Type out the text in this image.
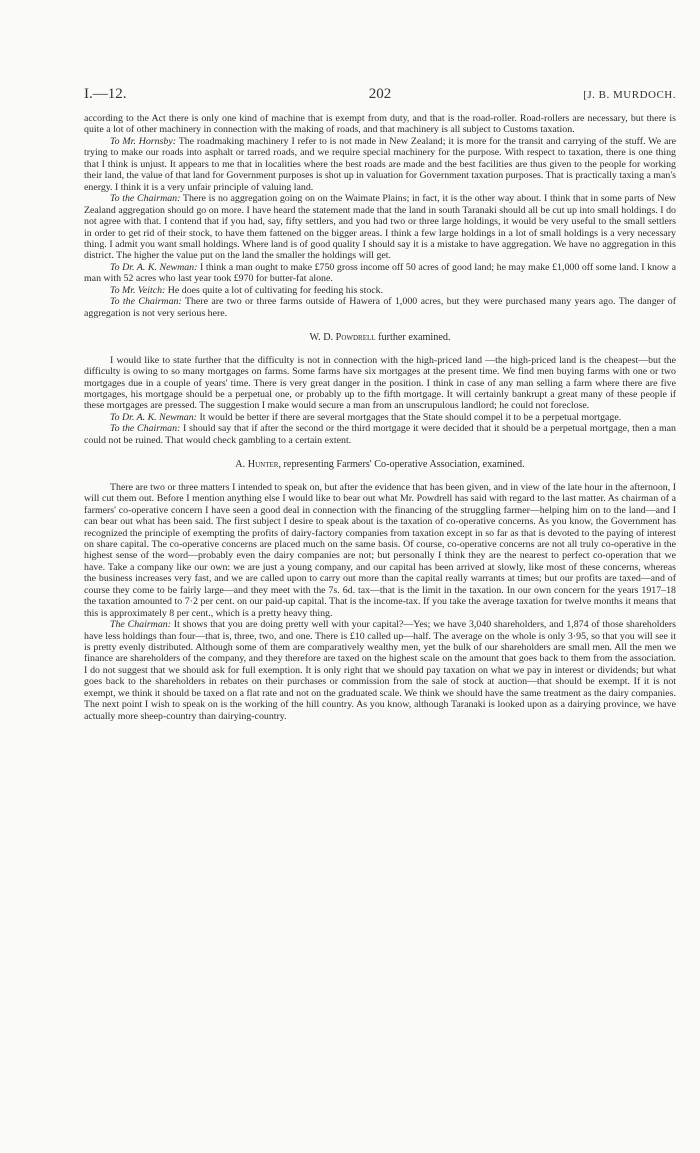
I.—12.	202	[J. B. MURDOCH.

according to the Act there is only one kind of machine that is exempt from duty, and that is the road-roller. Road-rollers are necessary, but there is quite a lot of other machinery in connection with the making of roads, and that machinery is all subject to Customs taxation.

To Mr. Hornsby: The roadmaking machinery I refer to is not made in New Zealand; it is more for the transit and carrying of the stuff. We are trying to make our roads into asphalt or tarred roads, and we require special machinery for the purpose. With respect to taxation, there is one thing that I think is unjust. It appears to me that in localities where the best roads are made and the best facilities are thus given to the people for working their land, the value of that land for Government purposes is shot up in valuation for Government taxation purposes. That is practically taxing a man's energy. I think it is a very unfair principle of valuing land.

To the Chairman: There is no aggregation going on on the Waimate Plains; in fact, it is the other way about. I think that in some parts of New Zealand aggregation should go on more. I have heard the statement made that the land in south Taranaki should all be cut up into small holdings. I do not agree with that. I contend that if you had, say, fifty settlers, and you had two or three large holdings, it would be very useful to the small settlers in order to get rid of their stock, to have them fattened on the bigger areas. I think a few large holdings in a lot of small holdings is a very necessary thing. I admit you want small holdings. Where land is of good quality I should say it is a mistake to have aggregation. We have no aggregation in this district. The higher the value put on the land the smaller the holdings will get.

To Dr. A. K. Newman: I think a man ought to make £750 gross income off 50 acres of good land; he may make £1,000 off some land. I know a man with 52 acres who last year took £970 for butter-fat alone.

To Mr. Veitch: He does quite a lot of cultivating for feeding his stock.

To the Chairman: There are two or three farms outside of Hawera of 1,000 acres, but they were purchased many years ago. The danger of aggregation is not very serious here.

W. D. Powdrell further examined.

I would like to state further that the difficulty is not in connection with the high-priced land —the high-priced land is the cheapest—but the difficulty is owing to so many mortgages on farms. Some farms have six mortgages at the present time. We find men buying farms with one or two mortgages due in a couple of years' time. There is very great danger in the position. I think in case of any man selling a farm where there are five mortgages, his mortgage should be a perpetual one, or probably up to the fifth mortgage. It will certainly bankrupt a great many of these people if these mortgages are pressed. The suggestion I make would secure a man from an unscrupulous landlord; he could not foreclose.

To Dr. A. K. Newman: It would be better if there are several mortgages that the State should compel it to be a perpetual mortgage.

To the Chairman: I should say that if after the second or the third mortgage it were decided that it should be a perpetual mortgage, then a man could not be ruined. That would check gambling to a certain extent.

A. Hunter, representing Farmers' Co-operative Association, examined.

There are two or three matters I intended to speak on, but after the evidence that has been given, and in view of the late hour in the afternoon, I will cut them out. Before I mention anything else I would like to bear out what Mr. Powdrell has said with regard to the last matter. As chairman of a farmers' co-operative concern I have seen a good deal in connection with the financing of the struggling farmer—helping him on to the land—and I can bear out what has been said. The first subject I desire to speak about is the taxation of co-operative concerns. As you know, the Government has recognized the principle of exempting the profits of dairy-factory companies from taxation except in so far as that is devoted to the paying of interest on share capital. The co-operative concerns are placed much on the same basis. Of course, co-operative concerns are not all truly co-operative in the highest sense of the word—probably even the dairy companies are not; but personally I think they are the nearest to perfect co-operation that we have. Take a company like our own: we are just a young company, and our capital has been arrived at slowly, like most of these concerns, whereas the business increases very fast, and we are called upon to carry out more than the capital really warrants at times; but our profits are taxed—and of course they come to be fairly large—and they meet with the 7s. 6d. tax—that is the limit in the taxation. In our own concern for the years 1917–18 the taxation amounted to 7·2 per cent. on our paid-up capital. That is the income-tax. If you take the average taxation for twelve months it means that this is approximately 8 per cent., which is a pretty heavy thing.

The Chairman: It shows that you are doing pretty well with your capital?—Yes; we have 3,040 shareholders, and 1,874 of those shareholders have less holdings than four—that is, three, two, and one. There is £10 called up—half. The average on the whole is only 3·95, so that you will see it is pretty evenly distributed. Although some of them are comparatively wealthy men, yet the bulk of our shareholders are small men. All the men we finance are shareholders of the company, and they therefore are taxed on the highest scale on the amount that goes back to them from the association. I do not suggest that we should ask for full exemption. It is only right that we should pay taxation on what we pay in interest or dividends; but what goes back to the shareholders in rebates on their purchases or commission from the sale of stock at auction—that should be exempt. If it is not exempt, we think it should be taxed on a flat rate and not on the graduated scale. We think we should have the same treatment as the dairy companies. The next point I wish to speak on is the working of the hill country. As you know, although Taranaki is looked upon as a dairying province, we have actually more sheep-country than dairying-country.
